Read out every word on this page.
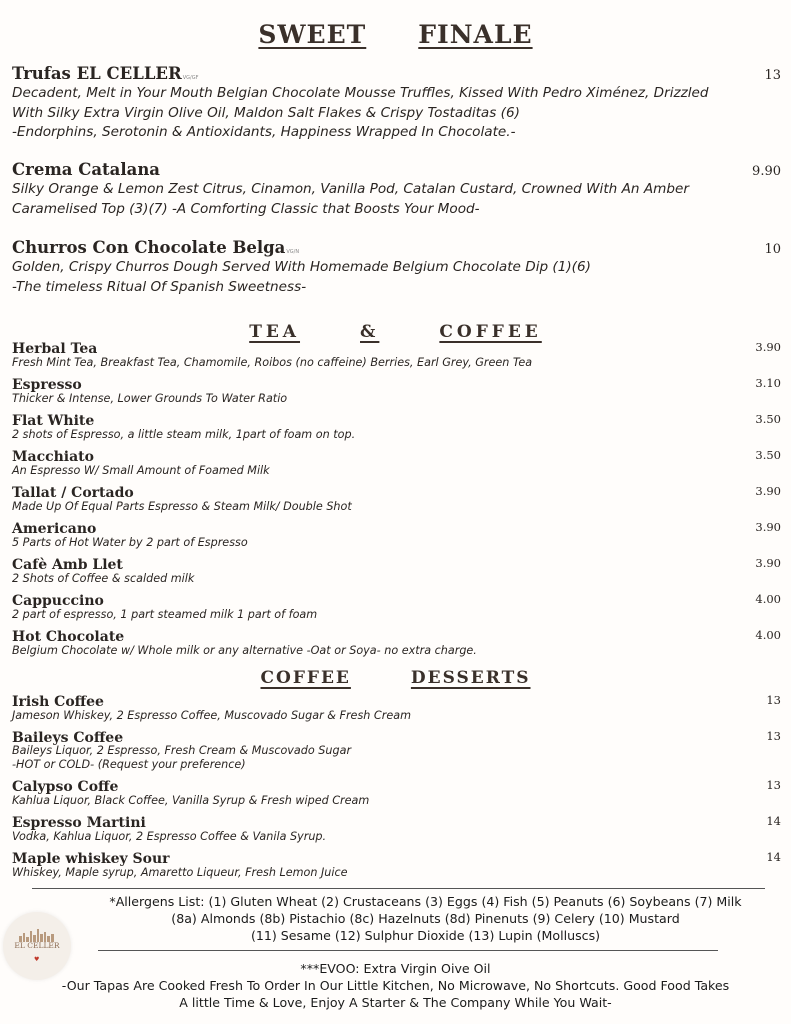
SWEET FINALE
Trufas EL CELLERVG/GF	13

Decadent, Melt in Your Mouth Belgian Chocolate Mousse Truffles, Kissed With Pedro Ximénez, Drizzled
With Silky Extra Virgin Olive Oil, Maldon Salt Flakes & Crispy Tostaditas (6)
-Endorphins, Serotonin & Antioxidants, Happiness Wrapped In Chocolate.-

Crema Catalana	9.90

Silky Orange & Lemon Zest Citrus, Cinamon, Vanilla Pod, Catalan Custard, Crowned With An Amber
Caramelised Top (3)(7) -A Comforting Classic that Boosts Your Mood-

Churros Con Chocolate BelgaVG/N	10

Golden, Crispy Churros Dough Served With Homemade Belgium Chocolate Dip (1)(6)
-The timeless Ritual Of Spanish Sweetness-

TEA	&	COFFEE
Herbal Tea	3.90

Fresh Mint Tea, Breakfast Tea, Chamomile, Roibos (no caffeine) Berries, Earl Grey, Green Tea

Espresso	3.10

Thicker & Intense, Lower Grounds To Water Ratio

Flat White	3.50

2 shots of Espresso, a little steam milk, 1part of foam on top.

Macchiato	3.50

An Espresso W/ Small Amount of Foamed Milk

Tallat / Cortado	3.90

Made Up Of Equal Parts Espresso & Steam Milk/ Double Shot

Americano	3.90

5 Parts of Hot Water by 2 part of Espresso

Cafè Amb Llet	3.90

2 Shots of Coffee & scalded milk

Cappuccino	4.00

2 part of espresso, 1 part steamed milk 1 part of foam

Hot Chocolate	4.00

Belgium Chocolate w/ Whole milk or any alternative -Oat or Soya- no extra charge.

COFFEE	DESSERTS
Irish Coffee	13

Jameson Whiskey, 2 Espresso Coffee, Muscovado Sugar & Fresh Cream

Baileys Coffee	13

Baileys Liquor, 2 Espresso, Fresh Cream & Muscovado Sugar
-HOT or COLD- (Request your preference)

Calypso Coffe	13

Kahlua Liquor, Black Coffee, Vanilla Syrup & Fresh wiped Cream

Espresso Martini	14

Vodka, Kahlua Liquor, 2 Espresso Coffee & Vanila Syrup.

Maple whiskey Sour	14

Whiskey, Maple syrup, Amaretto Liqueur, Fresh Lemon Juice

*Allergens List: (1) Gluten Wheat (2) Crustaceans (3) Eggs (4) Fish (5) Peanuts (6) Soybeans (7) Milk
(8a) Almonds (8b) Pistachio (8c) Hazelnuts (8d) Pinenuts (9) Celery (10) Mustard
(11) Sesame (12) Sulphur Dioxide (13) Lupin (Molluscs)
EL CELLER
♥
***EVOO: Extra Virgin Oive Oil
-Our Tapas Are Cooked Fresh To Order In Our Little Kitchen, No Microwave, No Shortcuts. Good Food Takes
A little Time & Love, Enjoy A Starter & The Company While You Wait-
